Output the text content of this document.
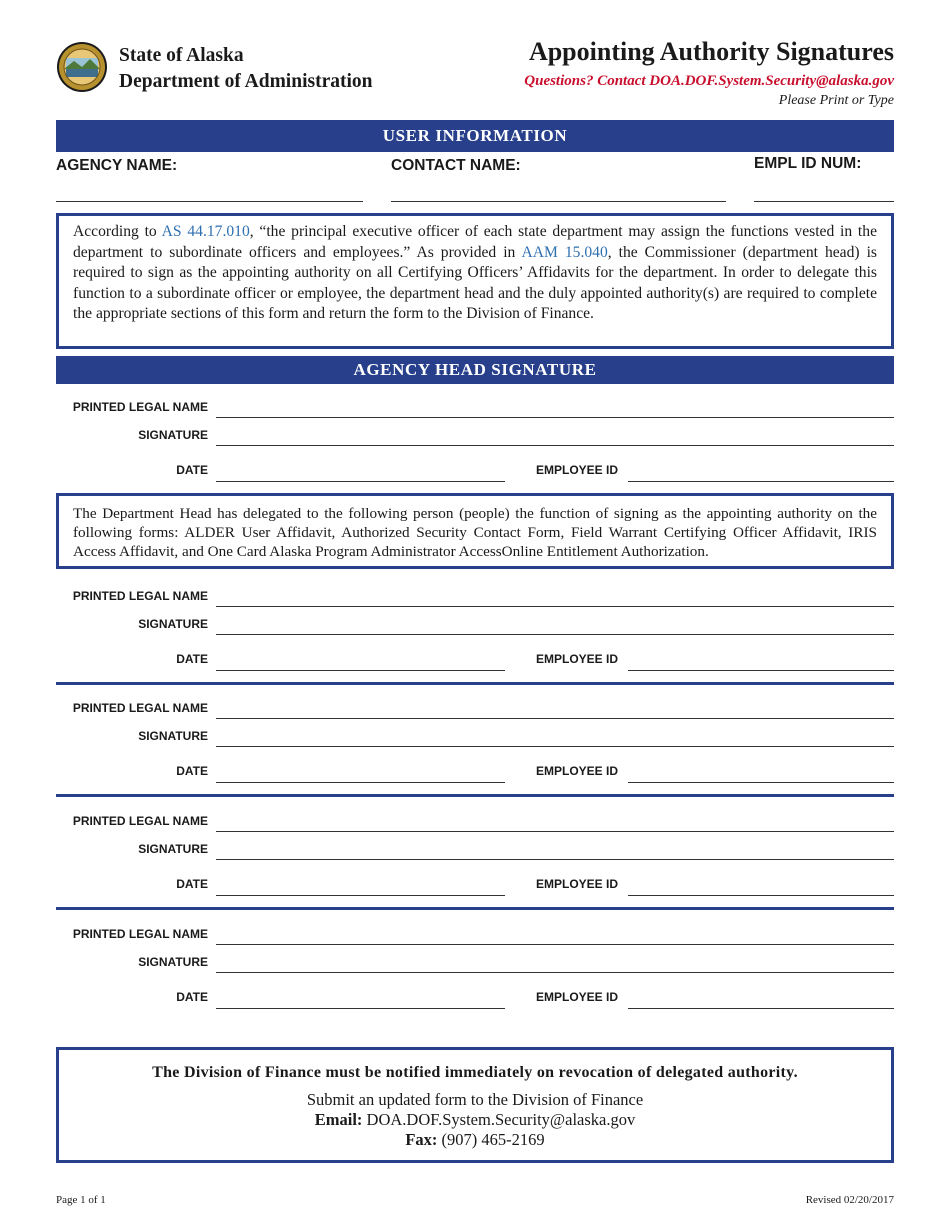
State of Alaska
Department of Administration
Appointing Authority Signatures
Questions? Contact DOA.DOF.System.Security@alaska.gov
Please Print or Type
USER INFORMATION
AGENCY NAME:	CONTACT NAME:	EMPL ID NUM:

According to AS 44.17.010, “the principal executive officer of each state department may assign the functions vested in the department to subordinate officers and employees.” As provided in AAM 15.040, the Commissioner (department head) is required to sign as the appointing authority on all Certifying Officers’ Affidavits for the department. In order to delegate this function to a subordinate officer or employee, the department head and the duly appointed authority(s) are required to complete the appropriate sections of this form and return the form to the Division of Finance.

AGENCY HEAD SIGNATURE
PRINTED LEGAL NAME
SIGNATURE
DATE	EMPLOYEE ID

The Department Head has delegated to the following person (people) the function of signing as the appointing authority on the following forms: ALDER User Affidavit, Authorized Security Contact Form, Field Warrant Certifying Officer Affidavit, IRIS Access Affidavit, and One Card Alaska Program Administrator AccessOnline Entitlement Authorization.

PRINTED LEGAL NAME
SIGNATURE
DATE	EMPLOYEE ID
PRINTED LEGAL NAME
SIGNATURE
DATE	EMPLOYEE ID
PRINTED LEGAL NAME
SIGNATURE
DATE	EMPLOYEE ID
PRINTED LEGAL NAME
SIGNATURE
DATE	EMPLOYEE ID
The Division of Finance must be notified immediately on revocation of delegated authority.
Submit an updated form to the Division of Finance
Email: DOA.DOF.System.Security@alaska.gov
Fax: (907) 465-2169
Page 1 of 1	Revised 02/20/2017
